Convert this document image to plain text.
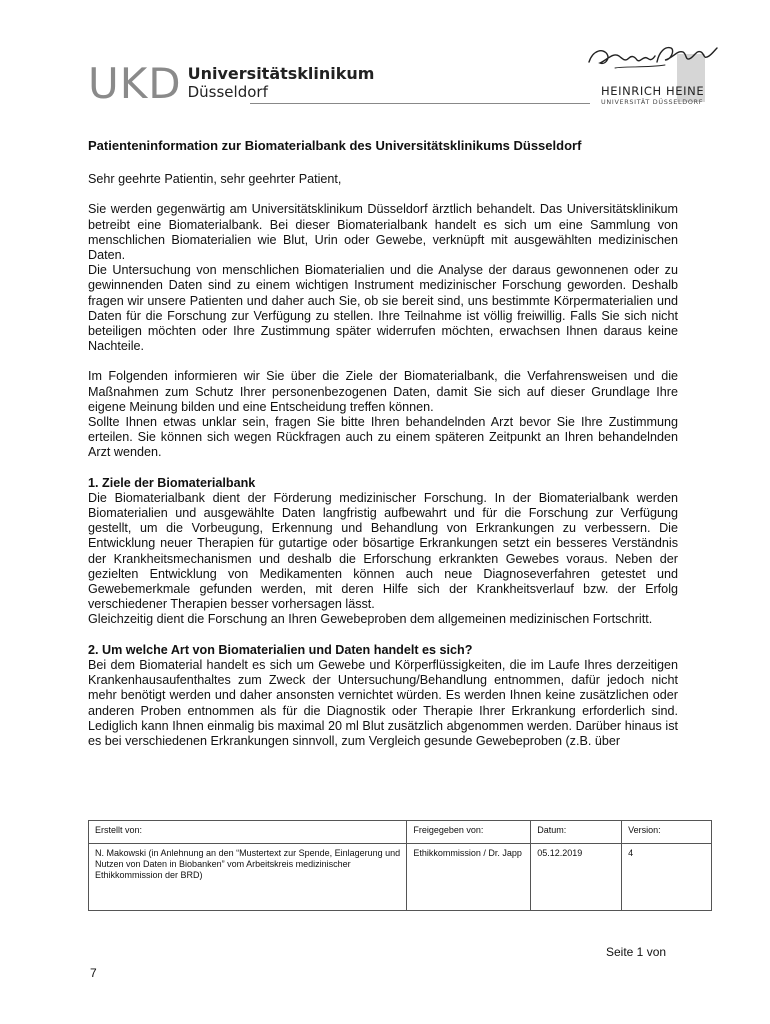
UKD Universitätsklinikum
Düsseldorf	HEINRICH HEINE
UNIVERSITÄT DÜSSELDORF

Patienteninformation zur Biomaterialbank des Universitätsklinikums Düsseldorf

Sehr geehrte Patientin, sehr geehrter Patient,

Sie werden gegenwärtig am Universitätsklinikum Düsseldorf ärztlich behandelt. Das Universitätsklinikum betreibt eine Biomaterialbank. Bei dieser Biomaterialbank handelt es sich um eine Sammlung von menschlichen Biomaterialien wie Blut, Urin oder Gewebe, verknüpft mit ausgewählten medizinischen Daten.

Die Untersuchung von menschlichen Biomaterialien und die Analyse der daraus gewonnenen oder zu gewinnenden Daten sind zu einem wichtigen Instrument medizinischer Forschung geworden. Deshalb fragen wir unsere Patienten und daher auch Sie, ob sie bereit sind, uns bestimmte Körpermaterialien und Daten für die Forschung zur Verfügung zu stellen. Ihre Teilnahme ist völlig freiwillig. Falls Sie sich nicht beteiligen möchten oder Ihre Zustimmung später widerrufen möchten, erwachsen Ihnen daraus keine Nachteile.

Im Folgenden informieren wir Sie über die Ziele der Biomaterialbank, die Verfahrensweisen und die Maßnahmen zum Schutz Ihrer personenbezogenen Daten, damit Sie sich auf dieser Grundlage Ihre eigene Meinung bilden und eine Entscheidung treffen können.

Sollte Ihnen etwas unklar sein, fragen Sie bitte Ihren behandelnden Arzt bevor Sie Ihre Zustimmung erteilen. Sie können sich wegen Rückfragen auch zu einem späteren Zeitpunkt an Ihren behandelnden Arzt wenden.

1. Ziele der Biomaterialbank

Die Biomaterialbank dient der Förderung medizinischer Forschung. In der Biomaterialbank werden Biomaterialien und ausgewählte Daten langfristig aufbewahrt und für die Forschung zur Verfügung gestellt, um die Vorbeugung, Erkennung und Behandlung von Erkrankungen zu verbessern. Die Entwicklung neuer Therapien für gutartige oder bösartige Erkrankungen setzt ein besseres Verständnis der Krankheitsmechanismen und deshalb die Erforschung erkrankten Gewebes voraus. Neben der gezielten Entwicklung von Medikamenten können auch neue Diagnoseverfahren getestet und Gewebemerkmale gefunden werden, mit deren Hilfe sich der Krankheitsverlauf bzw. der Erfolg verschiedener Therapien besser vorhersagen lässt.

Gleichzeitig dient die Forschung an Ihren Gewebeproben dem allgemeinen medizinischen Fortschritt.

2. Um welche Art von Biomaterialien und Daten handelt es sich?

Bei dem Biomaterial handelt es sich um Gewebe und Körperflüssigkeiten, die im Laufe Ihres derzeitigen Krankenhausaufenthaltes zum Zweck der Untersuchung/Behandlung entnommen, dafür jedoch nicht mehr benötigt werden und daher ansonsten vernichtet würden. Es werden Ihnen keine zusätzlichen oder anderen Proben entnommen als für die Diagnostik oder Therapie Ihrer Erkrankung erforderlich sind. Lediglich kann Ihnen einmalig bis maximal 20 ml Blut zusätzlich abgenommen werden. Darüber hinaus ist es bei verschiedenen Erkrankungen sinnvoll, zum Vergleich gesunde Gewebeproben (z.B. über

Erstellt von:	Freigegeben von:	Datum:	Version:
N. Makowski (in Anlehnung an den “Mustertext zur Spende, Einlagerung und Nutzen von Daten in Biobanken” vom Arbeitskreis medizinischer Ethikkommission der BRD)	Ethikkommission / Dr. Japp	05.12.2019	4
Seite 1 von
7
